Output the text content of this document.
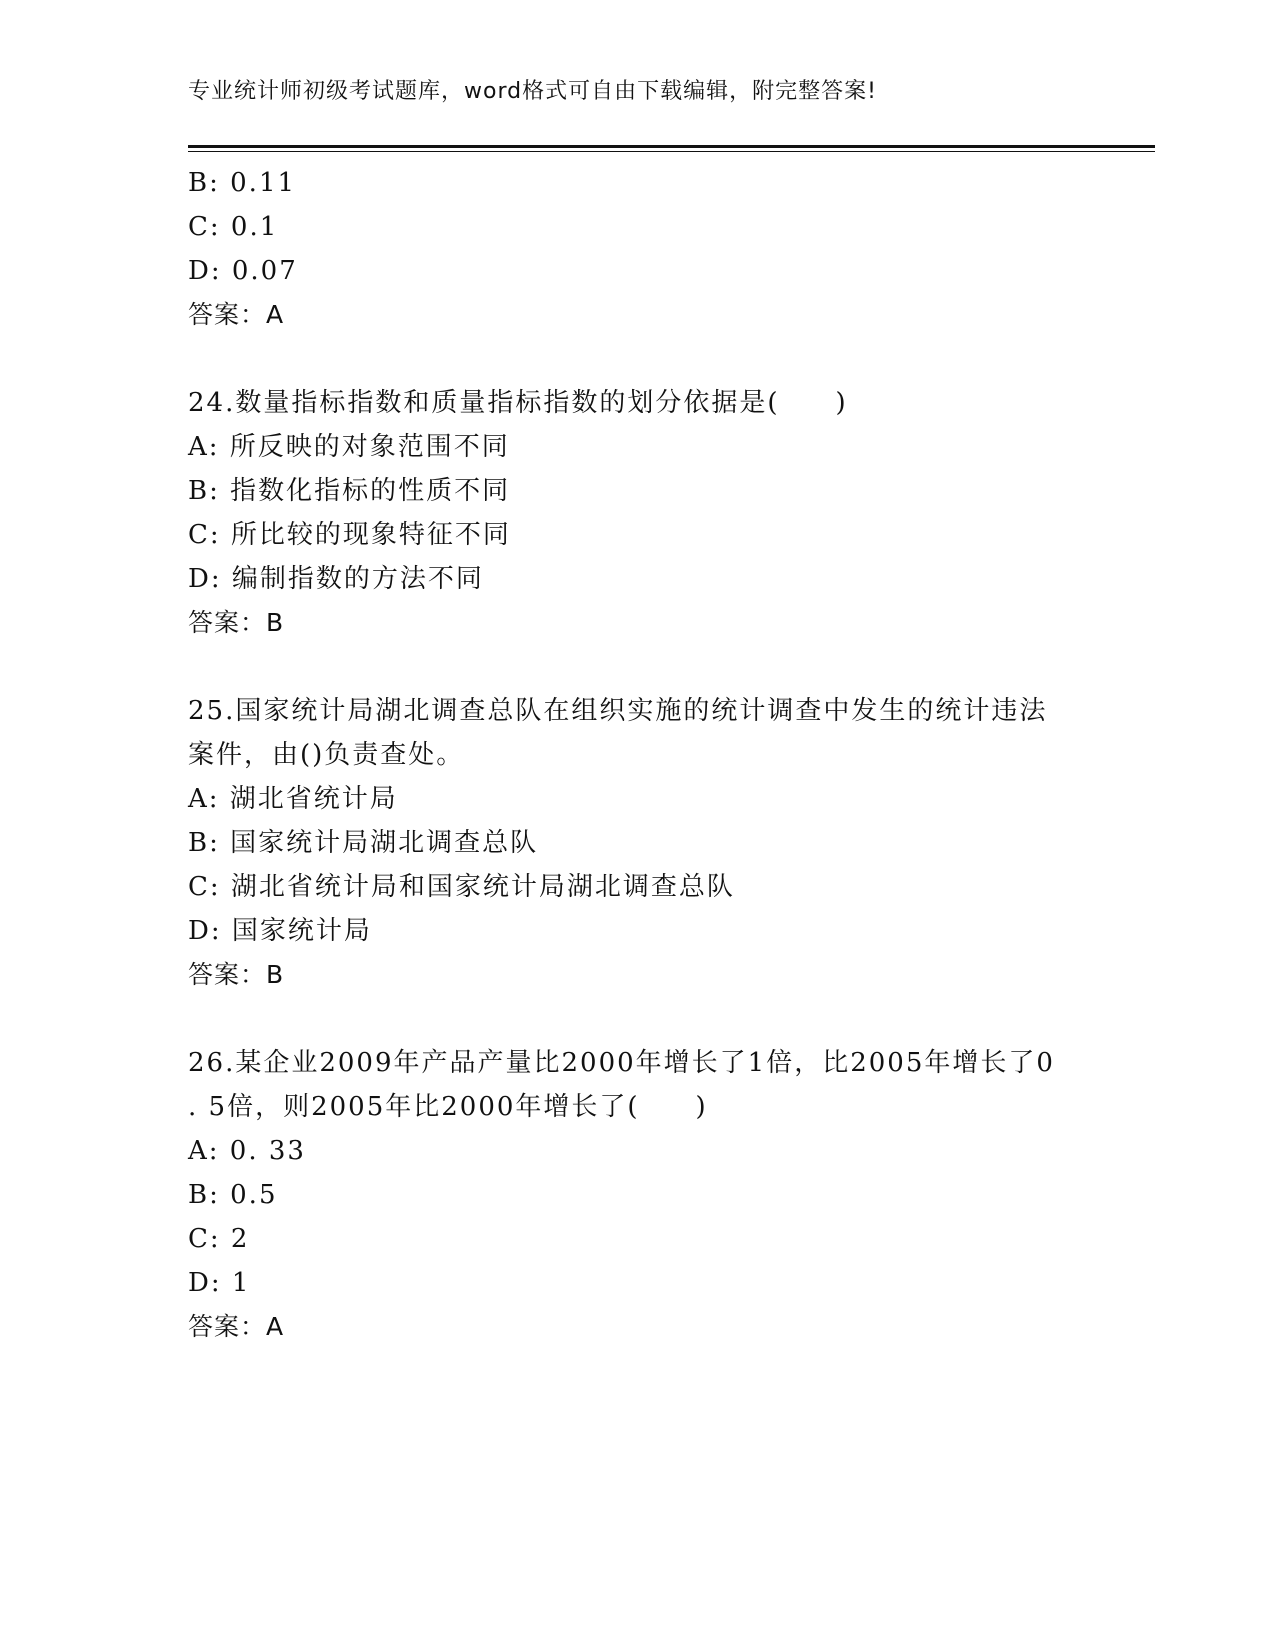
专业统计师初级考试题库，word格式可自由下载编辑，附完整答案!
B: 0.11
C: 0.1
D: 0.07
答案：A
24.数量指标指数和质量指标指数的划分依据是(　　)
A: 所反映的对象范围不同
B: 指数化指标的性质不同
C: 所比较的现象特征不同
D: 编制指数的方法不同
答案：B
25.国家统计局湖北调查总队在组织实施的统计调查中发生的统计违法
案件，由()负责查处。
A: 湖北省统计局
B: 国家统计局湖北调查总队
C: 湖北省统计局和国家统计局湖北调查总队
D: 国家统计局
答案：B
26.某企业2009年产品产量比2000年增长了1倍，比2005年增长了0
. 5倍，则2005年比2000年增长了(　　)
A: 0. 33
B: 0.5
C: 2
D: 1
答案：A
